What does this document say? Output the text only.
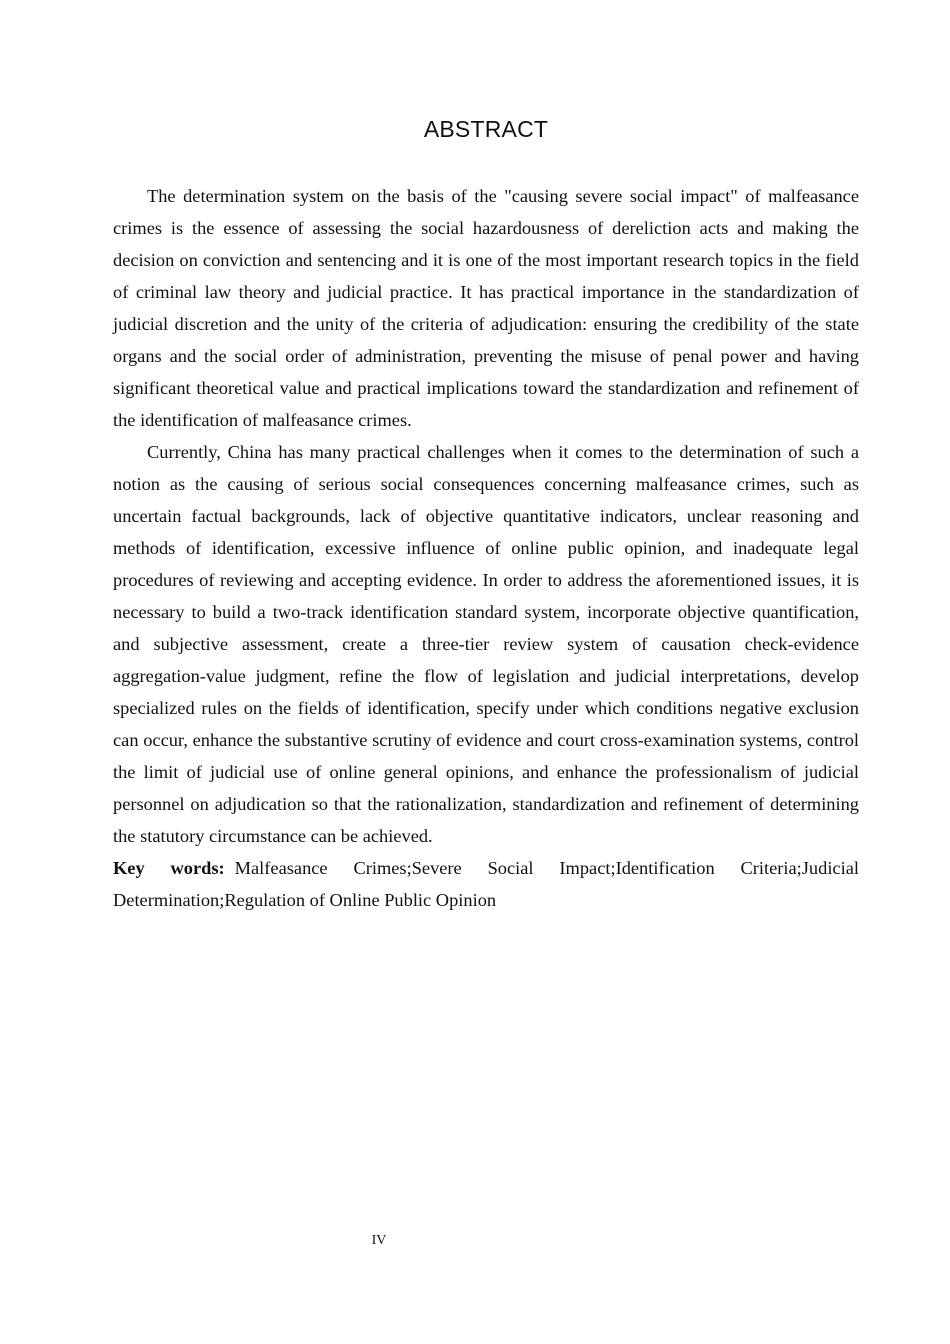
ABSTRACT

The determination system on the basis of the "causing severe social impact" of malfeasance crimes is the essence of assessing the social hazardousness of dereliction acts and making the decision on conviction and sentencing and it is one of the most important research topics in the field of criminal law theory and judicial practice. It has practical importance in the standardization of judicial discretion and the unity of the criteria of adjudication: ensuring the credibility of the state organs and the social order of administration, preventing the misuse of penal power and having significant theoretical value and practical implications toward the standardization and refinement of the identification of malfeasance crimes.

Currently, China has many practical challenges when it comes to the determination of such a notion as the causing of serious social consequences concerning malfeasance crimes, such as uncertain factual backgrounds, lack of objective quantitative indicators, unclear reasoning and methods of identification, excessive influence of online public opinion, and inadequate legal procedures of reviewing and accepting evidence. In order to address the aforementioned issues, it is necessary to build a two-track identification standard system, incorporate objective quantification, and subjective assessment, create a three-tier review system of causation check-evidence aggregation-value judgment, refine the flow of legislation and judicial interpretations, develop specialized rules on the fields of identification, specify under which conditions negative exclusion can occur, enhance the substantive scrutiny of evidence and court cross-examination systems, control the limit of judicial use of online general opinions, and enhance the professionalism of judicial personnel on adjudication so that the rationalization, standardization and refinement of determining the statutory circumstance can be achieved.

Key words: Malfeasance Crimes;Severe Social Impact;Identification Criteria;Judicial Determination;Regulation of Online Public Opinion

IV
